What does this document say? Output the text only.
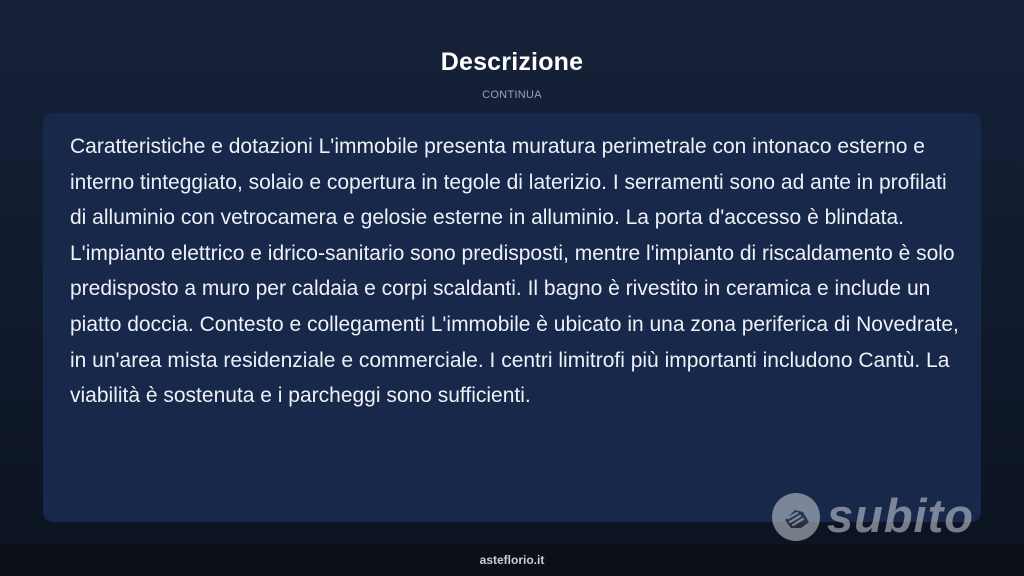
Descrizione
CONTINUA

Caratteristiche e dotazioni L'immobile presenta muratura perimetrale con intonaco esterno e interno tinteggiato, solaio e copertura in tegole di laterizio. I serramenti sono ad ante in profilati di alluminio con vetrocamera e gelosie esterne in alluminio. La porta d'accesso è blindata. L'impianto elettrico e idrico-sanitario sono predisposti, mentre l'impianto di riscaldamento è solo predisposto a muro per caldaia e corpi scaldanti. Il bagno è rivestito in ceramica e include un piatto doccia. Contesto e collegamenti L'immobile è ubicato in una zona periferica di Novedrate, in un'area mista residenziale e commerciale. I centri limitrofi più importanti includono Cantù. La viabilità è sostenuta e i parcheggi sono sufficienti.

asteflorio.it
subito
